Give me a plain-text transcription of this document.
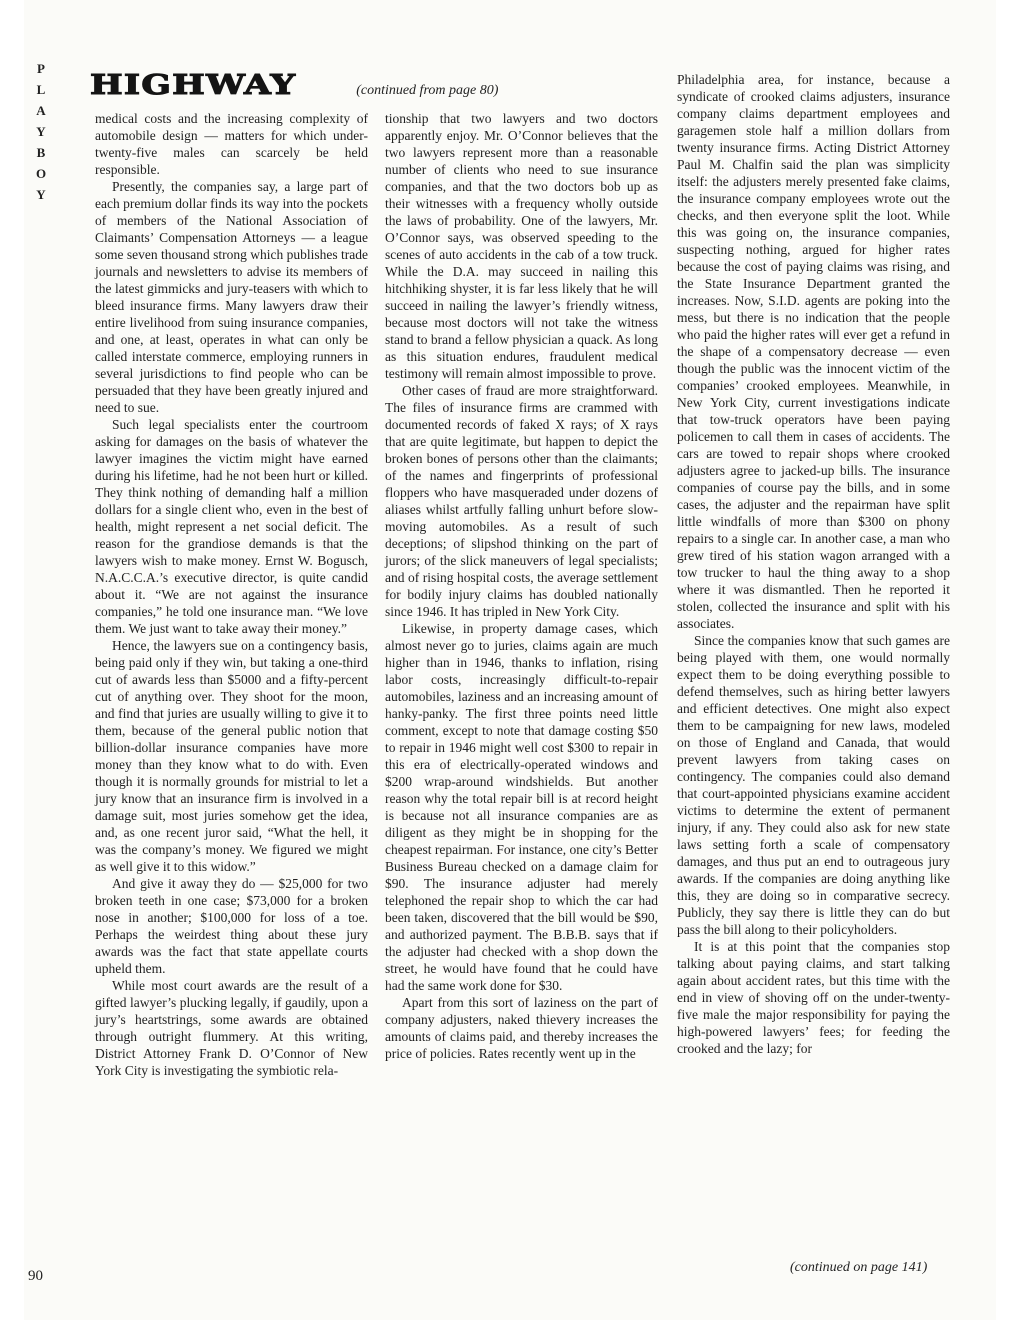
P
L
A
Y
B
O
Y
HIGHWAY	(continued from page 80)

medical costs and the increasing complexity of automobile design — matters for which under-twenty-five males can scarcely be held responsible.

Presently, the companies say, a large part of each premium dollar finds its way into the pockets of members of the National Association of Claimants’ Compensation Attorneys — a league some seven thousand strong which publishes trade journals and newsletters to advise its members of the latest gimmicks and jury-teasers with which to bleed insurance firms. Many lawyers draw their entire livelihood from suing insurance companies, and one, at least, operates in what can only be called interstate commerce, employing runners in several jurisdictions to find people who can be persuaded that they have been greatly injured and need to sue.

Such legal specialists enter the courtroom asking for damages on the basis of whatever the lawyer imagines the victim might have earned during his lifetime, had he not been hurt or killed. They think nothing of demanding half a million dollars for a single client who, even in the best of health, might represent a net social deficit. The reason for the grandiose demands is that the lawyers wish to make money. Ernst W. Bogusch, N.A.C.C.A.’s executive director, is quite candid about it. “We are not against the insurance companies,” he told one insurance man. “We love them. We just want to take away their money.”

Hence, the lawyers sue on a contingency basis, being paid only if they win, but taking a one-third cut of awards less than $5000 and a fifty-percent cut of anything over. They shoot for the moon, and find that juries are usually willing to give it to them, because of the general public notion that billion-dollar insurance companies have more money than they know what to do with. Even though it is normally grounds for mistrial to let a jury know that an insurance firm is involved in a damage suit, most juries somehow get the idea, and, as one recent juror said, “What the hell, it was the company’s money. We figured we might as well give it to this widow.”

And give it away they do — $25,000 for two broken teeth in one case; $73,000 for a broken nose in another; $100,000 for loss of a toe. Perhaps the weirdest thing about these jury awards was the fact that state appellate courts upheld them.

While most court awards are the result of a gifted lawyer’s plucking legally, if gaudily, upon a jury’s heartstrings, some awards are obtained through outright flummery. At this writing, District Attorney Frank D. O’Connor of New York City is investigating the symbiotic rela-

tionship that two lawyers and two doctors apparently enjoy. Mr. O’Connor believes that the two lawyers represent more than a reasonable number of clients who need to sue insurance companies, and that the two doctors bob up as their witnesses with a frequency wholly outside the laws of probability. One of the lawyers, Mr. O’Connor says, was observed speeding to the scenes of auto accidents in the cab of a tow truck. While the D.A. may succeed in nailing this hitchhiking shyster, it is far less likely that he will succeed in nailing the lawyer’s friendly witness, because most doctors will not take the witness stand to brand a fellow physician a quack. As long as this situation endures, fraudulent medical testimony will remain almost impossible to prove.

Other cases of fraud are more straightforward. The files of insurance firms are crammed with documented records of faked X rays; of X rays that are quite legitimate, but happen to depict the broken bones of persons other than the claimants; of the names and fingerprints of professional floppers who have masqueraded under dozens of aliases whilst artfully falling unhurt before slow-moving automobiles. As a result of such deceptions; of slipshod thinking on the part of jurors; of the slick maneuvers of legal specialists; and of rising hospital costs, the average settlement for bodily injury claims has doubled nationally since 1946. It has tripled in New York City.

Likewise, in property damage cases, which almost never go to juries, claims again are much higher than in 1946, thanks to inflation, rising labor costs, increasingly difficult-to-repair automobiles, laziness and an increasing amount of hanky-panky. The first three points need little comment, except to note that damage costing $50 to repair in 1946 might well cost $300 to repair in this era of electrically-operated windows and $200 wrap-around windshields. But another reason why the total repair bill is at record height is because not all insurance companies are as diligent as they might be in shopping for the cheapest repairman. For instance, one city’s Better Business Bureau checked on a damage claim for $90. The insurance adjuster had merely telephoned the repair shop to which the car had been taken, discovered that the bill would be $90, and authorized payment. The B.B.B. says that if the adjuster had checked with a shop down the street, he would have found that he could have had the same work done for $30.

Apart from this sort of laziness on the part of company adjusters, naked thievery increases the amounts of claims paid, and thereby increases the price of policies. Rates recently went up in the

Philadelphia area, for instance, because a syndicate of crooked claims adjusters, insurance company claims department employees and garagemen stole half a million dollars from twenty insurance firms. Acting District Attorney Paul M. Chalfin said the plan was simplicity itself: the adjusters merely presented fake claims, the insurance company employees wrote out the checks, and then everyone split the loot. While this was going on, the insurance companies, suspecting nothing, argued for higher rates because the cost of paying claims was rising, and the State Insurance Department granted the increases. Now, S.I.D. agents are poking into the mess, but there is no indication that the people who paid the higher rates will ever get a refund in the shape of a compensatory decrease — even though the public was the innocent victim of the companies’ crooked employees. Meanwhile, in New York City, current investigations indicate that tow-truck operators have been paying policemen to call them in cases of accidents. The cars are towed to repair shops where crooked adjusters agree to jacked-up bills. The insurance companies of course pay the bills, and in some cases, the adjuster and the repairman have split little windfalls of more than $300 on phony repairs to a single car. In another case, a man who grew tired of his station wagon arranged with a tow trucker to haul the thing away to a shop where it was dismantled. Then he reported it stolen, collected the insurance and split with his associates.

Since the companies know that such games are being played with them, one would normally expect them to be doing everything possible to defend themselves, such as hiring better lawyers and efficient detectives. One might also expect them to be campaigning for new laws, modeled on those of England and Canada, that would prevent lawyers from taking cases on contingency. The companies could also demand that court-appointed physicians examine accident victims to determine the extent of permanent injury, if any. They could also ask for new state laws setting forth a scale of compensatory damages, and thus put an end to outrageous jury awards. If the companies are doing anything like this, they are doing so in comparative secrecy. Publicly, they say there is little they can do but pass the bill along to their policyholders.

It is at this point that the companies stop talking about paying claims, and start talking again about accident rates, but this time with the end in view of shoving off on the under-twenty-five male the major responsibility for paying the high-powered lawyers’ fees; for feeding the crooked and the lazy; for

(continued on page 141)
90
